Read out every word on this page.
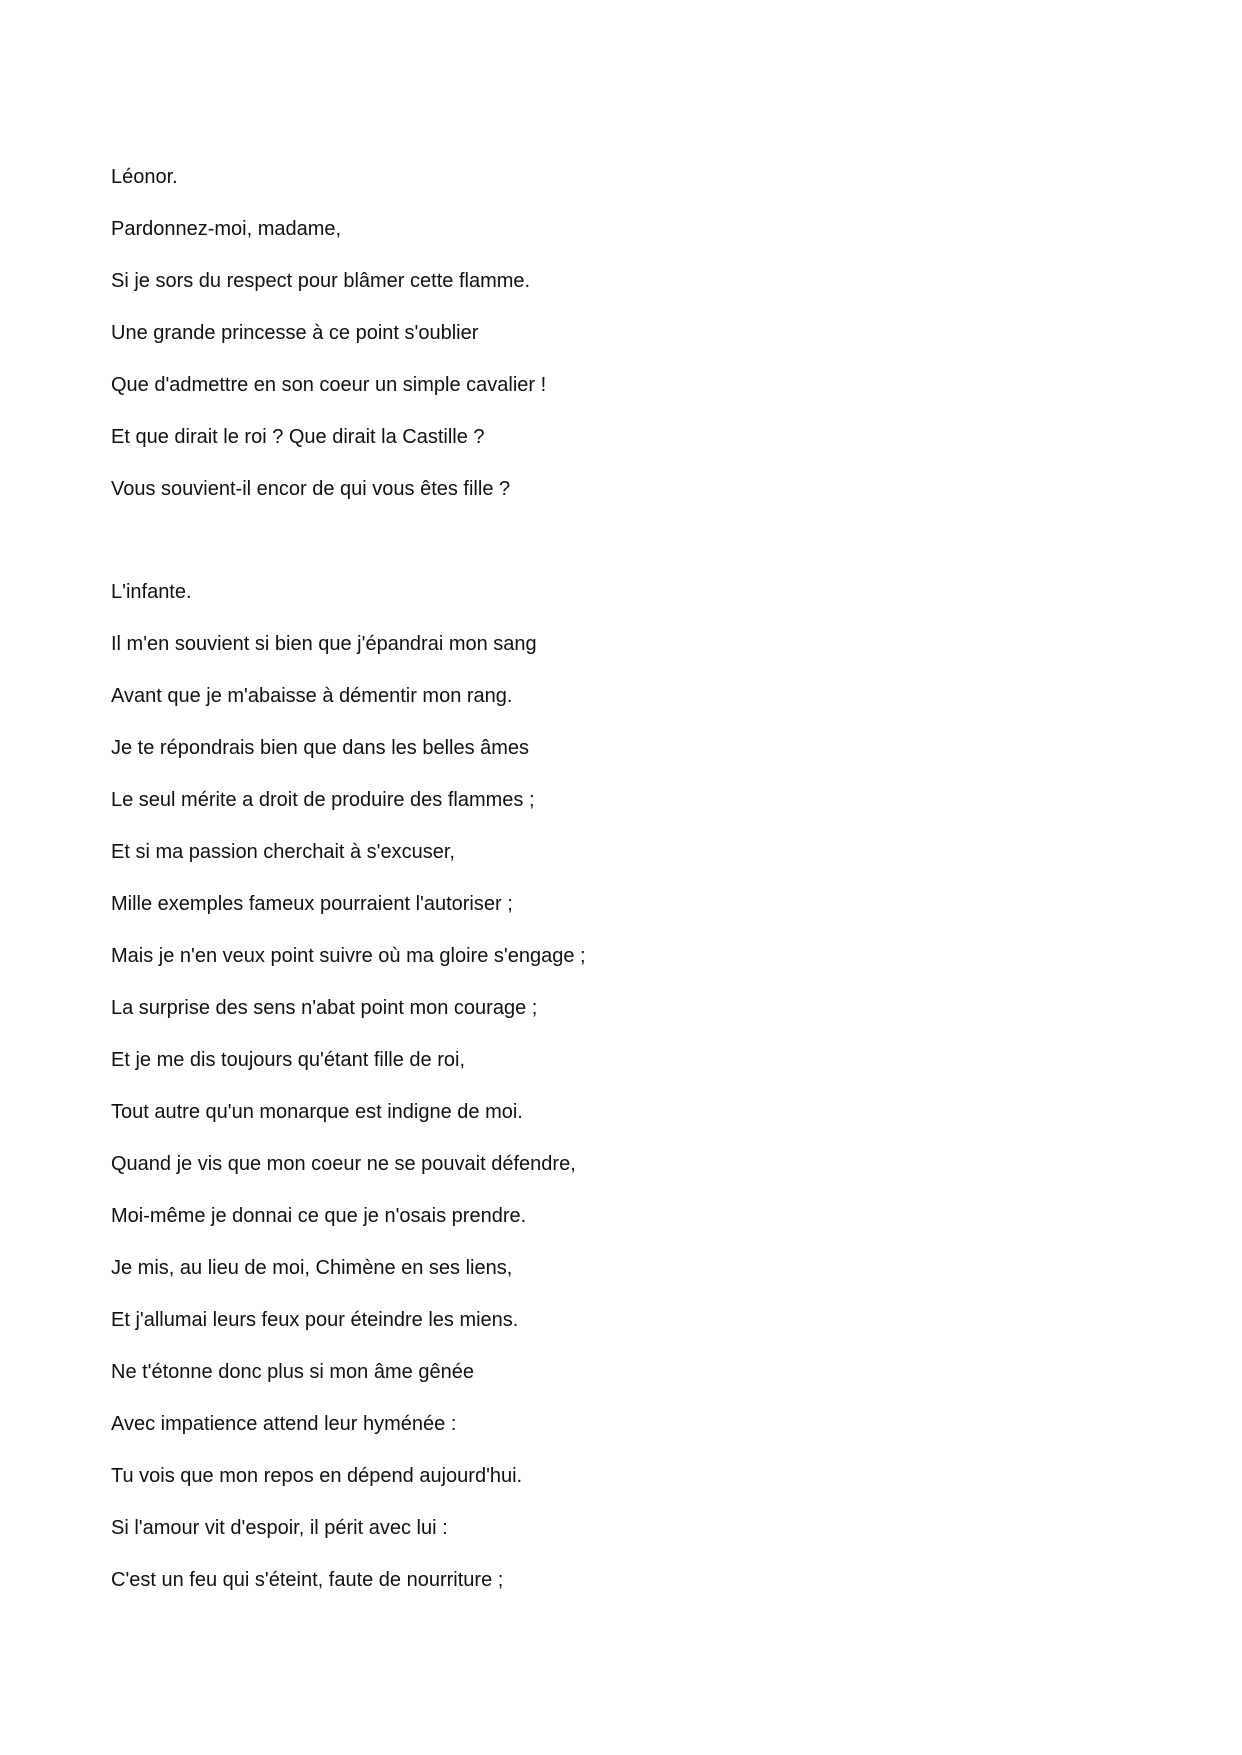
Léonor.
Pardonnez-moi, madame,
Si je sors du respect pour blâmer cette flamme.
Une grande princesse à ce point s'oublier
Que d'admettre en son coeur un simple cavalier !
Et que dirait le roi ? Que dirait la Castille ?
Vous souvient-il encor de qui vous êtes fille ?
L'infante.
Il m'en souvient si bien que j'épandrai mon sang
Avant que je m'abaisse à démentir mon rang.
Je te répondrais bien que dans les belles âmes
Le seul mérite a droit de produire des flammes ;
Et si ma passion cherchait à s'excuser,
Mille exemples fameux pourraient l'autoriser ;
Mais je n'en veux point suivre où ma gloire s'engage ;
La surprise des sens n'abat point mon courage ;
Et je me dis toujours qu'étant fille de roi,
Tout autre qu'un monarque est indigne de moi.
Quand je vis que mon coeur ne se pouvait défendre,
Moi-même je donnai ce que je n'osais prendre.
Je mis, au lieu de moi, Chimène en ses liens,
Et j'allumai leurs feux pour éteindre les miens.
Ne t'étonne donc plus si mon âme gênée
Avec impatience attend leur hyménée :
Tu vois que mon repos en dépend aujourd'hui.
Si l'amour vit d'espoir, il périt avec lui :
C'est un feu qui s'éteint, faute de nourriture ;
